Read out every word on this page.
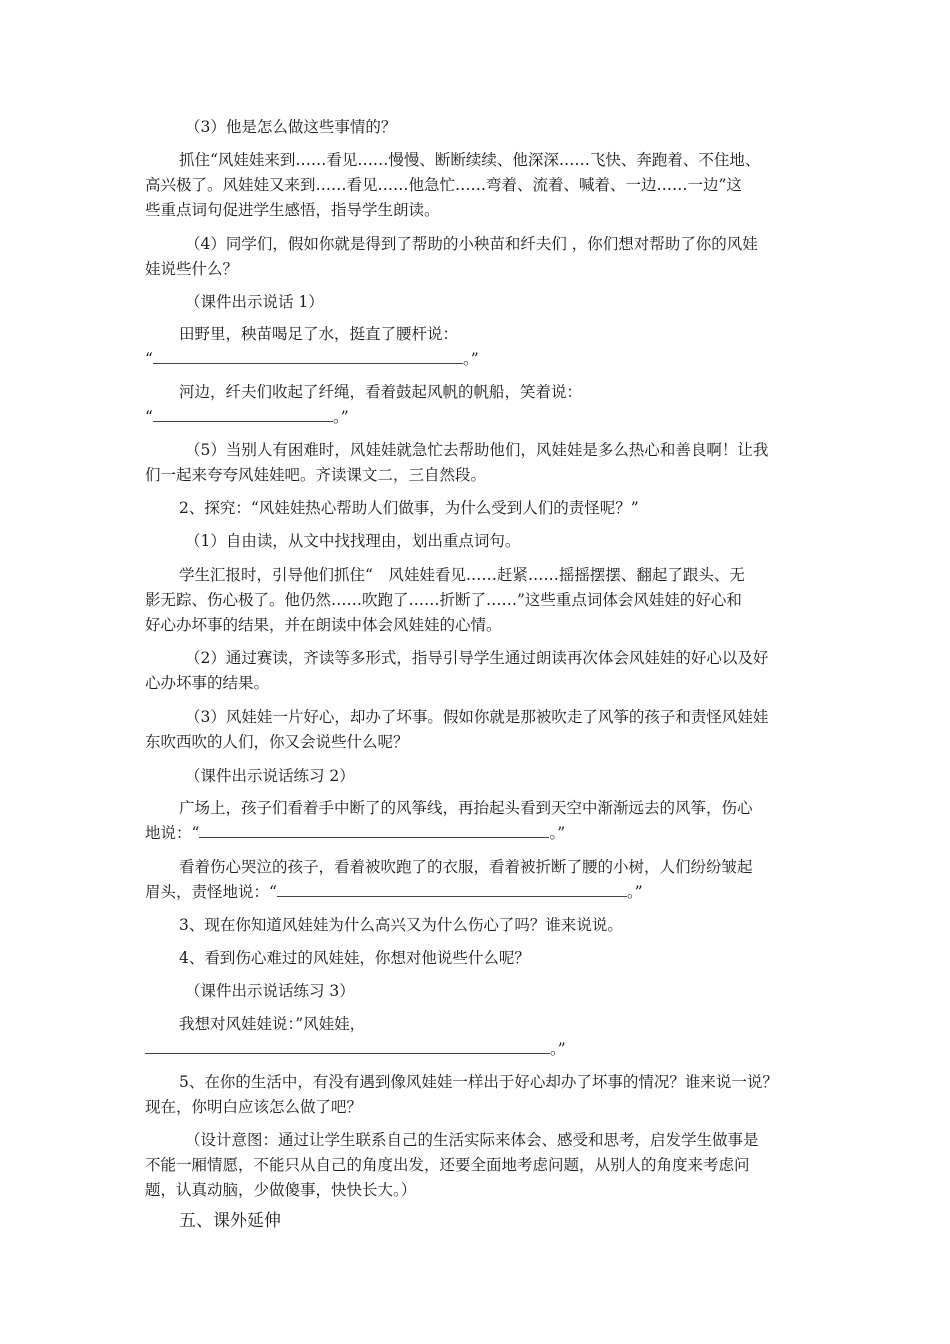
（3）他是怎么做这些事情的？

抓住“风娃娃来到……看见……慢慢、断断续续、他深深……飞快、奔跑着、不住地、
高兴极了。风娃娃又来到……看见……他急忙……弯着、流着、喊着、一边……一边”这
些重点词句促进学生感悟，指导学生朗读。

（4）同学们，假如你就是得到了帮助的小秧苗和纤夫们 ，你们想对帮助了你的风娃
娃说些什么？

（课件出示说话 1）

田野里，秧苗喝足了水，挺直了腰杆说：
“	。”

河边，纤夫们收起了纤绳，看着鼓起风帆的帆船，笑着说：
“	。”

（5）当别人有困难时，风娃娃就急忙去帮助他们，风娃娃是多么热心和善良啊！让我
们一起来夸夸风娃娃吧。齐读课文二，三自然段。

2、探究：“风娃娃热心帮助人们做事，为什么受到人们的责怪呢？”

（1）自由读，从文中找找理由，划出重点词句。

学生汇报时，引导他们抓住“　风娃娃看见……赶紧……摇摇摆摆、翻起了跟头、无
影无踪、伤心极了。他仍然……吹跑了……折断了……”这些重点词体会风娃娃的好心和
好心办坏事的结果，并在朗读中体会风娃娃的心情。

（2）通过赛读，齐读等多形式，指导引导学生通过朗读再次体会风娃娃的好心以及好
心办坏事的结果。

（3）风娃娃一片好心，却办了坏事。假如你就是那被吹走了风筝的孩子和责怪风娃娃
东吹西吹的人们，你又会说些什么呢？

（课件出示说话练习 2）

广场上，孩子们看着手中断了的风筝线，再抬起头看到天空中渐渐远去的风筝，伤心
地说：“	。”

看着伤心哭泣的孩子，看着被吹跑了的衣服，看着被折断了腰的小树，人们纷纷皱起
眉头，责怪地说：“	。”

3、现在你知道风娃娃为什么高兴又为什么伤心了吗？谁来说说。

4、看到伤心难过的风娃娃，你想对他说些什么呢？

（课件出示说话练习 3）

我想对风娃娃说：”风娃娃，
。”

5、在你的生活中，有没有遇到像风娃娃一样出于好心却办了坏事的情况？谁来说一说？
现在，你明白应该怎么做了吧？

（设计意图：通过让学生联系自己的生活实际来体会、感受和思考，启发学生做事是
不能一厢情愿，不能只从自己的角度出发，还要全面地考虑问题，从别人的角度来考虑问
题，认真动脑，少做傻事，快快长大。）

五、课外延伸
